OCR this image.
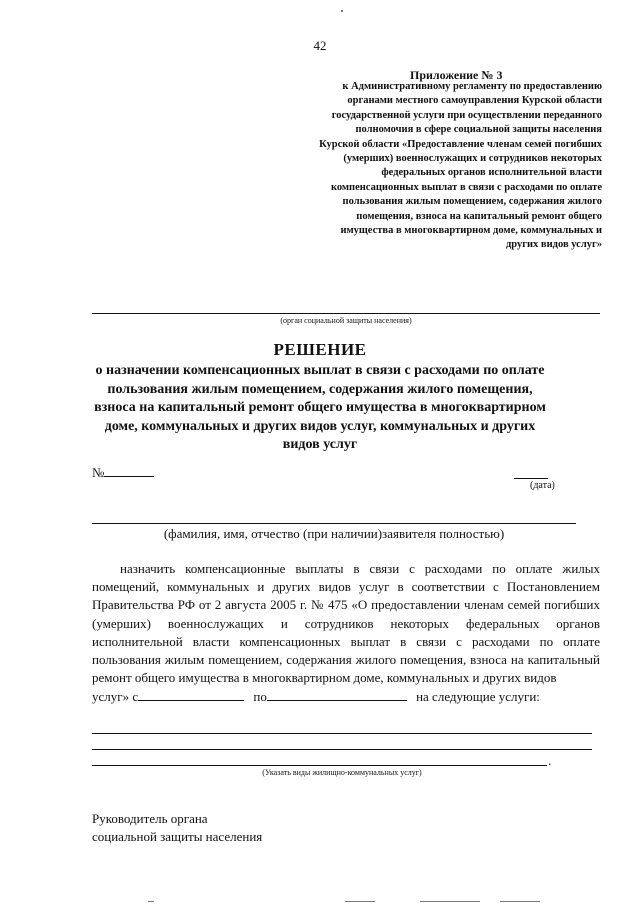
42
Приложение № 3
к Административному регламенту по предоставлению
органами местного самоуправления Курской области
государственной услуги при осуществлении переданного
полномочия в сфере социальной защиты населения
Курской области «Предоставление членам семей погибших
(умерших) военнослужащих и сотрудников некоторых
федеральных органов исполнительной власти
компенсационных выплат в связи с расходами по оплате
пользования жилым помещением, содержания жилого
помещения, взноса на капитальный ремонт общего
имущества в многоквартирном доме, коммунальных и
других видов услуг»
(орган социальной защиты населения)
РЕШЕНИЕ
о назначении компенсационных выплат в связи с расходами по оплате
пользования жилым помещением, содержания жилого помещения,
взноса на капитальный ремонт общего имущества в многоквартирном
доме, коммунальных и других видов услуг, коммунальных и других
видов услуг
№
(дата)
(фамилия, имя, отчество (при наличии)заявителя полностью)

назначить компенсационные выплаты в связи с расходами по оплате жилых помещений, коммунальных и других видов услуг в соответствии с Постановлением Правительства РФ от 2 августа 2005 г. № 475 «О предоставлении членам семей погибших (умерших) военнослужащих и сотрудников некоторых федеральных органов исполнительной власти компенсационных выплат в связи с расходами по оплате пользования жилым помещением, содержания жилого помещения, взноса на капитальный ремонт общего имущества в многоквартирном доме, коммунальных и других видов

услуг» с	по	на следующие услуги:
.
(Указать виды жилищно-коммунальных услуг)
Руководитель органа
социальной защиты населения
